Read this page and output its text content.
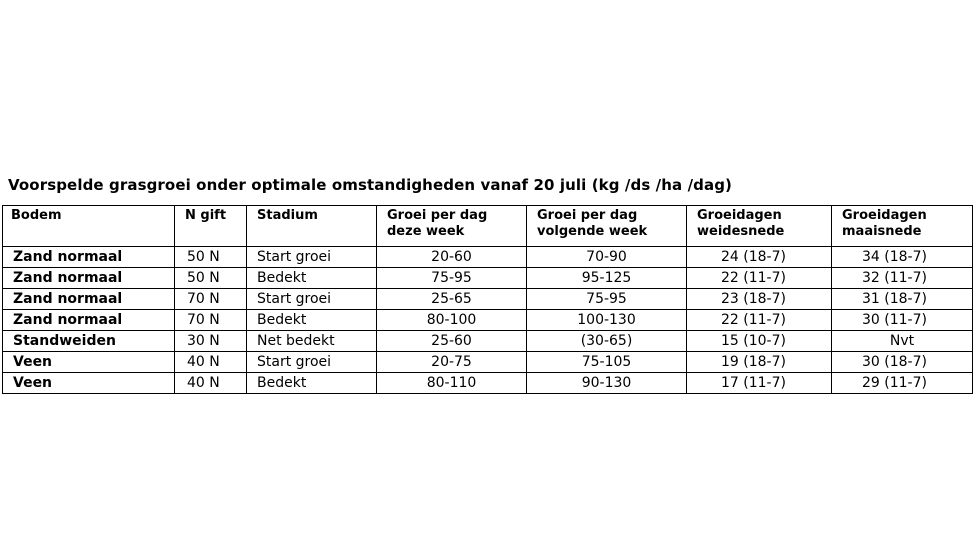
Voorspelde grasgroei onder optimale omstandigheden vanaf 20 juli (kg /ds /ha /dag)
Bodem	N gift	Stadium	Groei per dag deze week	Groei per dag volgende week	Groeidagen weidesnede	Groeidagen maaisnede
Zand normaal	50 N	Start groei	20-60	70-90	24 (18-7)	34 (18-7)
Zand normaal	50 N	Bedekt	75-95	95-125	22 (11-7)	32 (11-7)
Zand normaal	70 N	Start groei	25-65	75-95	23 (18-7)	31 (18-7)
Zand normaal	70 N	Bedekt	80-100	100-130	22 (11-7)	30 (11-7)
Standweiden	30 N	Net bedekt	25-60	(30-65)	15 (10-7)	Nvt
Veen	40 N	Start groei	20-75	75-105	19 (18-7)	30 (18-7)
Veen	40 N	Bedekt	80-110	90-130	17 (11-7)	29 (11-7)
